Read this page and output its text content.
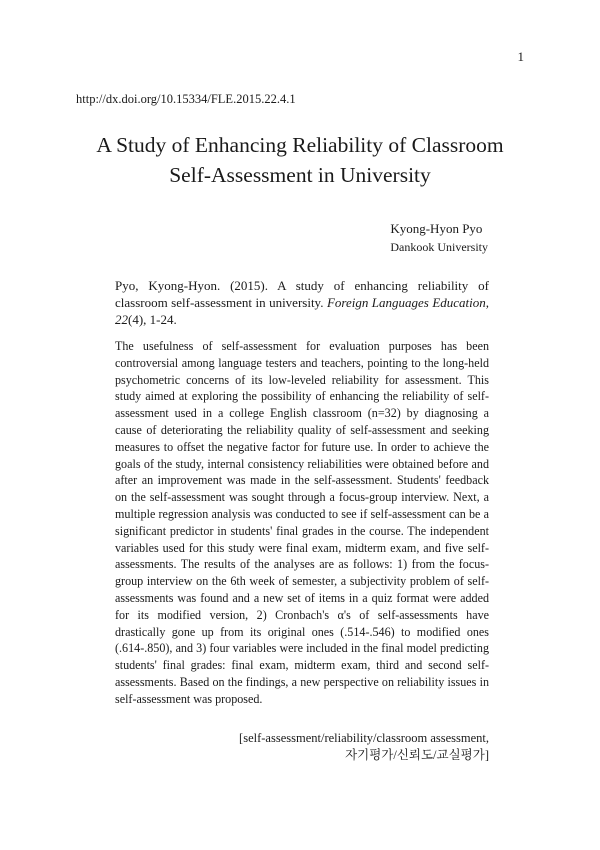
1
http://dx.doi.org/10.15334/FLE.2015.22.4.1
A Study of Enhancing Reliability of Classroom
Self-Assessment in University
Kyong-Hyon Pyo
Dankook University
Pyo, Kyong-Hyon. (2015). A study of enhancing reliability of classroom self-assessment in university. Foreign Languages Education, 22(4), 1-24.

The usefulness of self-assessment for evaluation purposes has been controversial among language testers and teachers, pointing to the long-held psychometric concerns of its low-leveled reliability for assessment. This study aimed at exploring the possibility of enhancing the reliability of self-assessment used in a college English classroom (n=32) by diagnosing a cause of deteriorating the reliability quality of self-assessment and seeking measures to offset the negative factor for future use. In order to achieve the goals of the study, internal consistency reliabilities were obtained before and after an improvement was made in the self-assessment. Students' feedback on the self-assessment was sought through a focus-group interview. Next, a multiple regression analysis was conducted to see if self-assessment can be a significant predictor in students' final grades in the course. The independent variables used for this study were final exam, midterm exam, and five self-assessments. The results of the analyses are as follows: 1) from the focus-group interview on the 6th week of semester, a subjectivity problem of self-assessments was found and a new set of items in a quiz format were added for its modified version, 2) Cronbach's α's of self-assessments have drastically gone up from its original ones (.514-.546) to modified ones (.614-.850), and 3) four variables were included in the final model predicting students' final grades: final exam, midterm exam, third and second self-assessments. Based on the findings, a new perspective on reliability issues in self-assessment was proposed.

[self-assessment/reliability/classroom assessment,
자기평가/신뢰도/교실평가]
